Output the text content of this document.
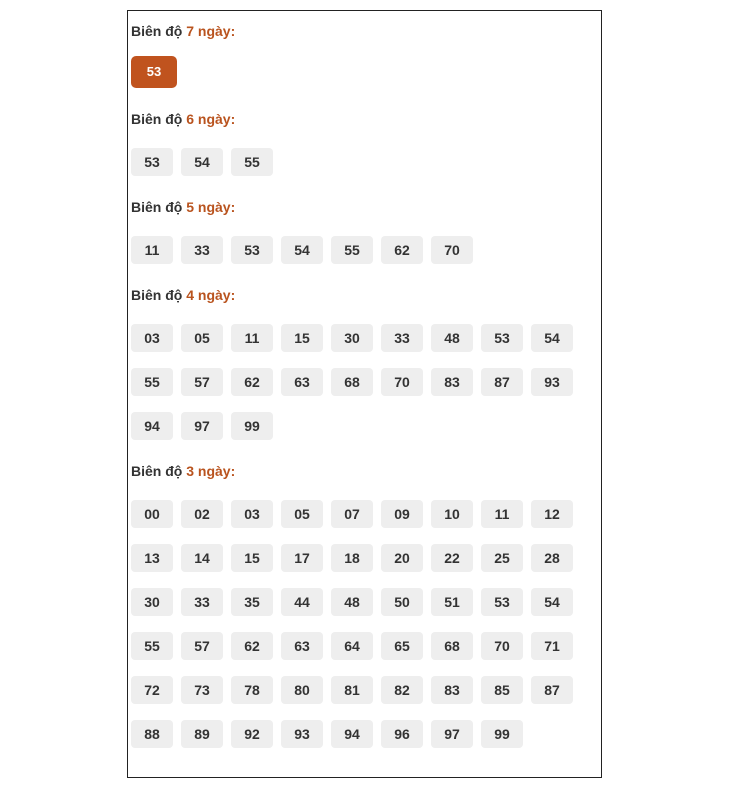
Biên độ 7 ngày:
53
Biên độ 6 ngày:
53 54 55
Biên độ 5 ngày:
11 33 53 54 55 62 70
Biên độ 4 ngày:
03 05 11 15 30 33 48 53 54
55 57 62 63 68 70 83 87 93
94 97 99
Biên độ 3 ngày:
00 02 03 05 07 09 10 11 12
13 14 15 17 18 20 22 25 28
30 33 35 44 48 50 51 53 54
55 57 62 63 64 65 68 70 71
72 73 78 80 81 82 83 85 87
88 89 92 93 94 96 97 99
